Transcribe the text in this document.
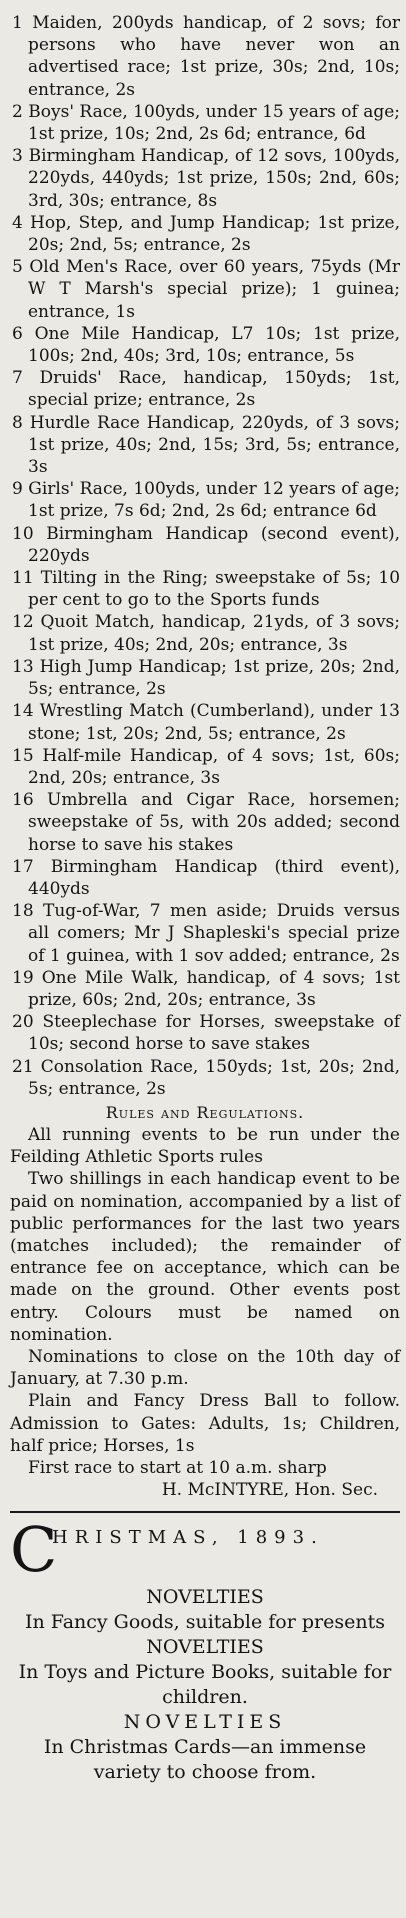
1 Maiden, 200yds handicap, of 2 sovs; for persons who have never won an advertised race; 1st prize, 30s; 2nd, 10s; entrance, 2s

2 Boys' Race, 100yds, under 15 years of age; 1st prize, 10s; 2nd, 2s 6d; entrance, 6d

3 Birmingham Handicap, of 12 sovs, 100yds, 220yds, 440yds; 1st prize, 150s; 2nd, 60s; 3rd, 30s; entrance, 8s

4 Hop, Step, and Jump Handicap; 1st prize, 20s; 2nd, 5s; entrance, 2s

5 Old Men's Race, over 60 years, 75yds (Mr W T Marsh's special prize); 1 guinea; entrance, 1s

6 One Mile Handicap, L7 10s; 1st prize, 100s; 2nd, 40s; 3rd, 10s; entrance, 5s

7 Druids' Race, handicap, 150yds; 1st, special prize; entrance, 2s

8 Hurdle Race Handicap, 220yds, of 3 sovs; 1st prize, 40s; 2nd, 15s; 3rd, 5s; entrance, 3s

9 Girls' Race, 100yds, under 12 years of age; 1st prize, 7s 6d; 2nd, 2s 6d; entrance 6d

10 Birmingham Handicap (second event), 220yds

11 Tilting in the Ring; sweepstake of 5s; 10 per cent to go to the Sports funds

12 Quoit Match, handicap, 21yds, of 3 sovs; 1st prize, 40s; 2nd, 20s; entrance, 3s

13 High Jump Handicap; 1st prize, 20s; 2nd, 5s; entrance, 2s

14 Wrestling Match (Cumberland), under 13 stone; 1st, 20s; 2nd, 5s; entrance, 2s

15 Half-mile Handicap, of 4 sovs; 1st, 60s; 2nd, 20s; entrance, 3s

16 Umbrella and Cigar Race, horsemen; sweepstake of 5s, with 20s added; second horse to save his stakes

17 Birmingham Handicap (third event), 440yds

18 Tug-of-War, 7 men aside; Druids versus all comers; Mr J Shapleski's special prize of 1 guinea, with 1 sov added; entrance, 2s

19 One Mile Walk, handicap, of 4 sovs; 1st prize, 60s; 2nd, 20s; entrance, 3s

20 Steeplechase for Horses, sweepstake of 10s; second horse to save stakes

21 Consolation Race, 150yds; 1st, 20s; 2nd, 5s; entrance, 2s

Rules and Regulations.

All running events to be run under the Feilding Athletic Sports rules

Two shillings in each handicap event to be paid on nomination, accompanied by a list of public performances for the last two years (matches included); the remainder of entrance fee on acceptance, which can be made on the ground. Other events post entry. Colours must be named on nomination.

Nominations to close on the 10th day of January, at 7.30 p.m.

Plain and Fancy Dress Ball to follow. Admission to Gates: Adults, 1s; Children, half price; Horses, 1s

First race to start at 10 a.m. sharp

H. McINTYRE, Hon. Sec.

C
HRISTMAS, 1893.

NOVELTIES

In Fancy Goods, suitable for presents

NOVELTIES

In Toys and Picture Books, suitable for children.

NOVELTIES

In Christmas Cards—an immense variety to choose from.
